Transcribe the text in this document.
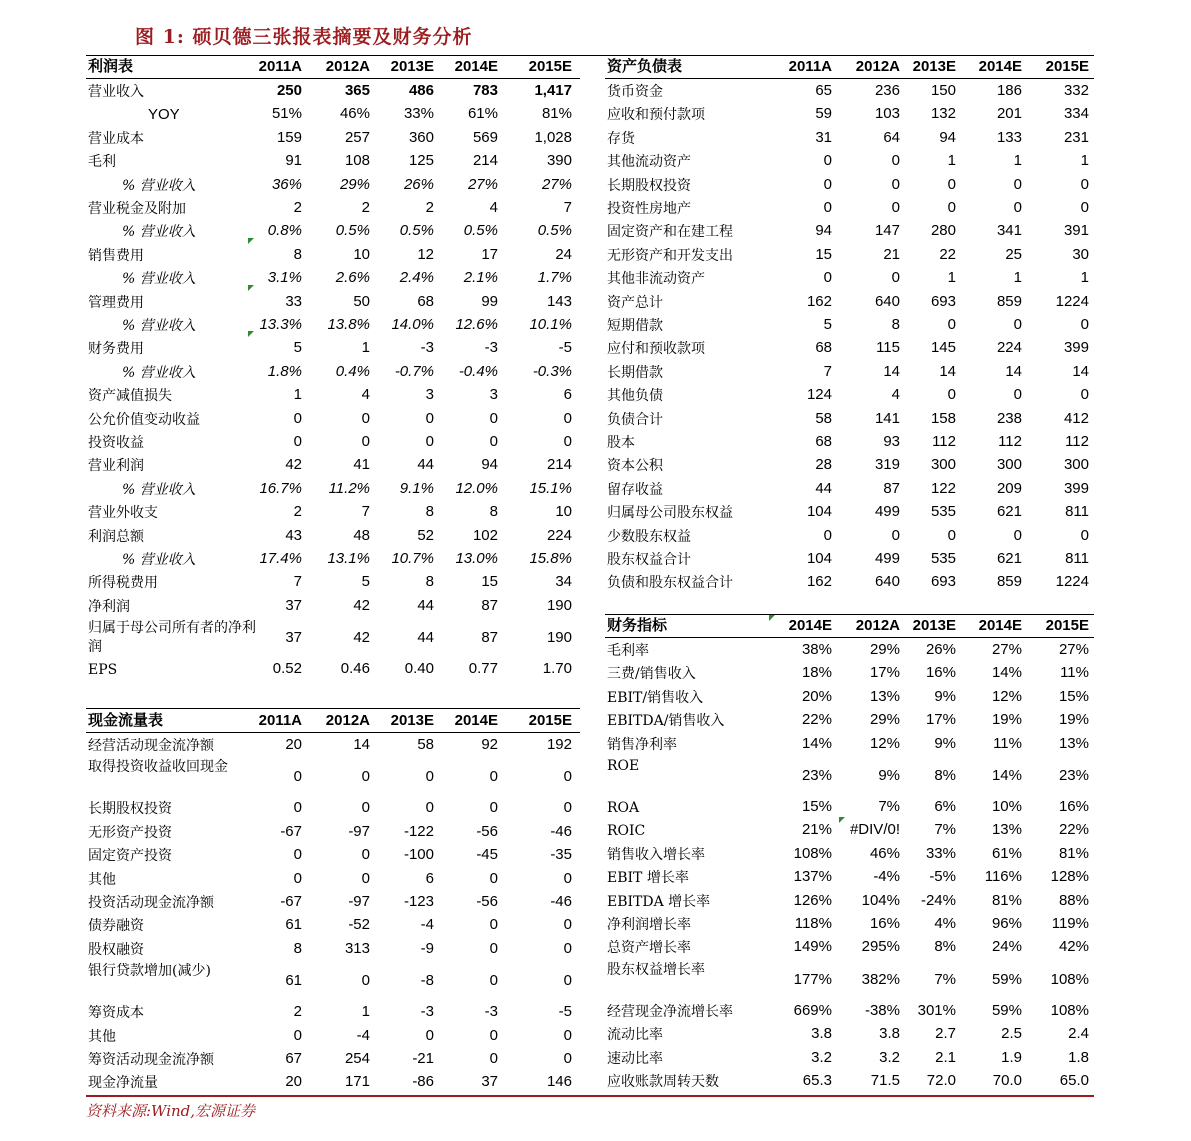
图 1: 硕贝德三张报表摘要及财务分析
利润表	2011A	2012A	2013E	2014E	2015E
营业收入	250	365	486	783	1,417
YOY	51%	46%	33%	61%	81%
营业成本	159	257	360	569	1,028
毛利	91	108	125	214	390
% 营业收入	36%	29%	26%	27%	27%
营业税金及附加	2	2	2	4	7
% 营业收入	0.8%	0.5%	0.5%	0.5%	0.5%
销售费用	8	10	12	17	24
% 营业收入	3.1%	2.6%	2.4%	2.1%	1.7%
管理费用	33	50	68	99	143
% 营业收入	13.3%	13.8%	14.0%	12.6%	10.1%
财务费用	5	1	-3	-3	-5
% 营业收入	1.8%	0.4%	-0.7%	-0.4%	-0.3%
资产减值损失	1	4	3	3	6
公允价值变动收益	0	0	0	0	0
投资收益	0	0	0	0	0
营业利润	42	41	44	94	214
% 营业收入	16.7%	11.2%	9.1%	12.0%	15.1%
营业外收支	2	7	8	8	10
利润总额	43	48	52	102	224
% 营业收入	17.4%	13.1%	10.7%	13.0%	15.8%
所得税费用	7	5	8	15	34
净利润	37	42	44	87	190
归属于母公司所有者的净利润
37	42	44	87	190
EPS	0.52	0.46	0.40	0.77	1.70
现金流量表	2011A	2012A	2013E	2014E	2015E
经营活动现金流净额	20	14	58	92	192
取得投资收益收回现金
0	0	0	0	0
长期股权投资	0	0	0	0	0
无形资产投资	-67	-97	-122	-56	-46
固定资产投资	0	0	-100	-45	-35
其他	0	0	6	0	0
投资活动现金流净额	-67	-97	-123	-56	-46
债券融资	61	-52	-4	0	0
股权融资	8	313	-9	0	0
银行贷款增加(减少)
61	0	-8	0	0
筹资成本	2	1	-3	-3	-5
其他	0	-4	0	0	0
筹资活动现金流净额	67	254	-21	0	0
现金净流量	20	171	-86	37	146
资产负债表	2011A	2012A 2013E	2014E	2015E
货币资金	65	236	150	186	332
应收和预付款项	59	103	132	201	334
存货	31	64	94	133	231
其他流动资产	0	0	1	1	1
长期股权投资	0	0	0	0	0
投资性房地产	0	0	0	0	0
固定资产和在建工程	94	147	280	341	391
无形资产和开发支出	15	21	22	25	30
其他非流动资产	0	0	1	1	1
资产总计	162	640	693	859	1224
短期借款	5	8	0	0	0
应付和预收款项	68	115	145	224	399
长期借款	7	14	14	14	14
其他负债	124	4	0	0	0
负债合计	58	141	158	238	412
股本	68	93	112	112	112
资本公积	28	319	300	300	300
留存收益	44	87	122	209	399
归属母公司股东权益	104	499	535	621	811
少数股东权益	0	0	0	0	0
股东权益合计	104	499	535	621	811
负债和股东权益合计	162	640	693	859	1224
财务指标	2014E	2012A 2013E	2014E	2015E
毛利率	38%	29%	26%	27%	27%
三费/销售收入	18%	17%	16%	14%	11%
EBIT/销售收入	20%	13%	9%	12%	15%
EBITDA/销售收入	22%	29%	17%	19%	19%
销售净利率	14%	12%	9%	11%	13%
ROE
23%	9%	8%	14%	23%
ROA	15%	7%	6%	10%	16%
ROIC	21%	#DIV/0!	7%	13%	22%
销售收入增长率	108%	46%	33%	61%	81%
EBIT 增长率	137%	-4%	-5%	116%	128%
EBITDA 增长率	126%	104%	-24%	81%	88%
净利润增长率	118%	16%	4%	96%	119%
总资产增长率	149%	295%	8%	24%	42%
股东权益增长率
177%	382%	7%	59%	108%
经营现金净流增长率	669%	-38%	301%	59%	108%
流动比率	3.8	3.8	2.7	2.5	2.4
速动比率	3.2	3.2	2.1	1.9	1.8
应收账款周转天数	65.3	71.5	72.0	70.0	65.0
资料来源:Wind,宏源证券
